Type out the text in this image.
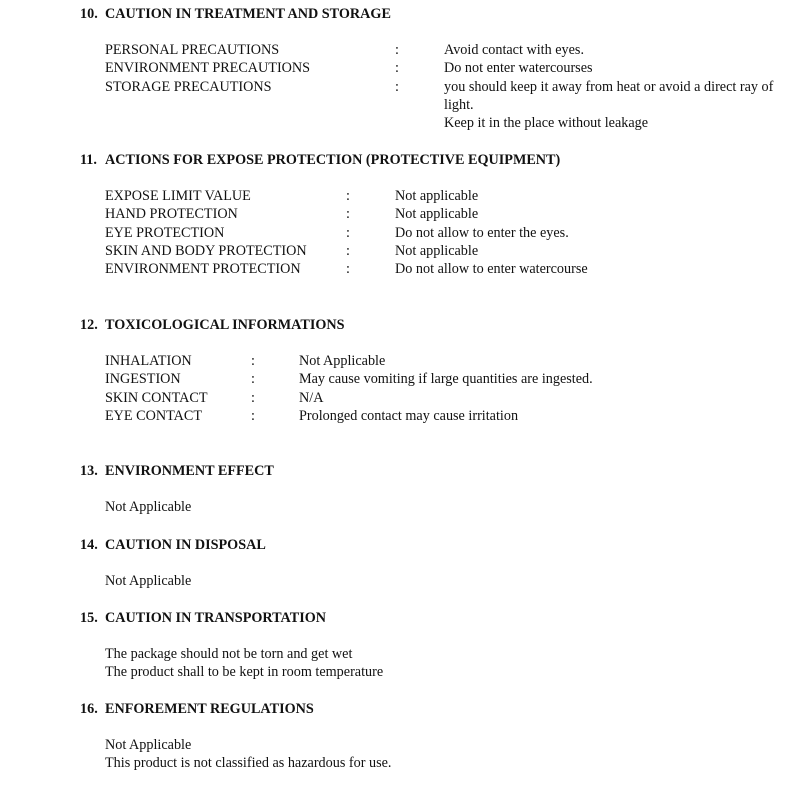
10. CAUTION IN TREATMENT AND STORAGE
PERSONAL PRECAUTIONS	:	Avoid contact with eyes.
ENVIRONMENT PRECAUTIONS	:	Do not enter watercourses
STORAGE PRECAUTIONS	:	you should keep it away from heat or avoid a direct ray of light.
Keep it in the place without leakage
11. ACTIONS FOR EXPOSE PROTECTION (PROTECTIVE EQUIPMENT)
EXPOSE LIMIT VALUE	:	Not applicable
HAND PROTECTION	:	Not applicable
EYE PROTECTION	:	Do not allow to enter the eyes.
SKIN AND BODY PROTECTION	:	Not applicable
ENVIRONMENT PROTECTION	:	Do not allow to enter watercourse
12. TOXICOLOGICAL INFORMATIONS
INHALATION	:	Not Applicable
INGESTION	:	May cause vomiting if large quantities are ingested.
SKIN CONTACT	:	N/A
EYE CONTACT	:	Prolonged contact may cause irritation
13. ENVIRONMENT EFFECT
Not Applicable
14. CAUTION IN DISPOSAL
Not Applicable
15. CAUTION IN TRANSPORTATION
The package should not be torn and get wet
The product shall to be kept in room temperature
16. ENFOREMENT REGULATIONS
Not Applicable
This product is not classified as hazardous for use.
